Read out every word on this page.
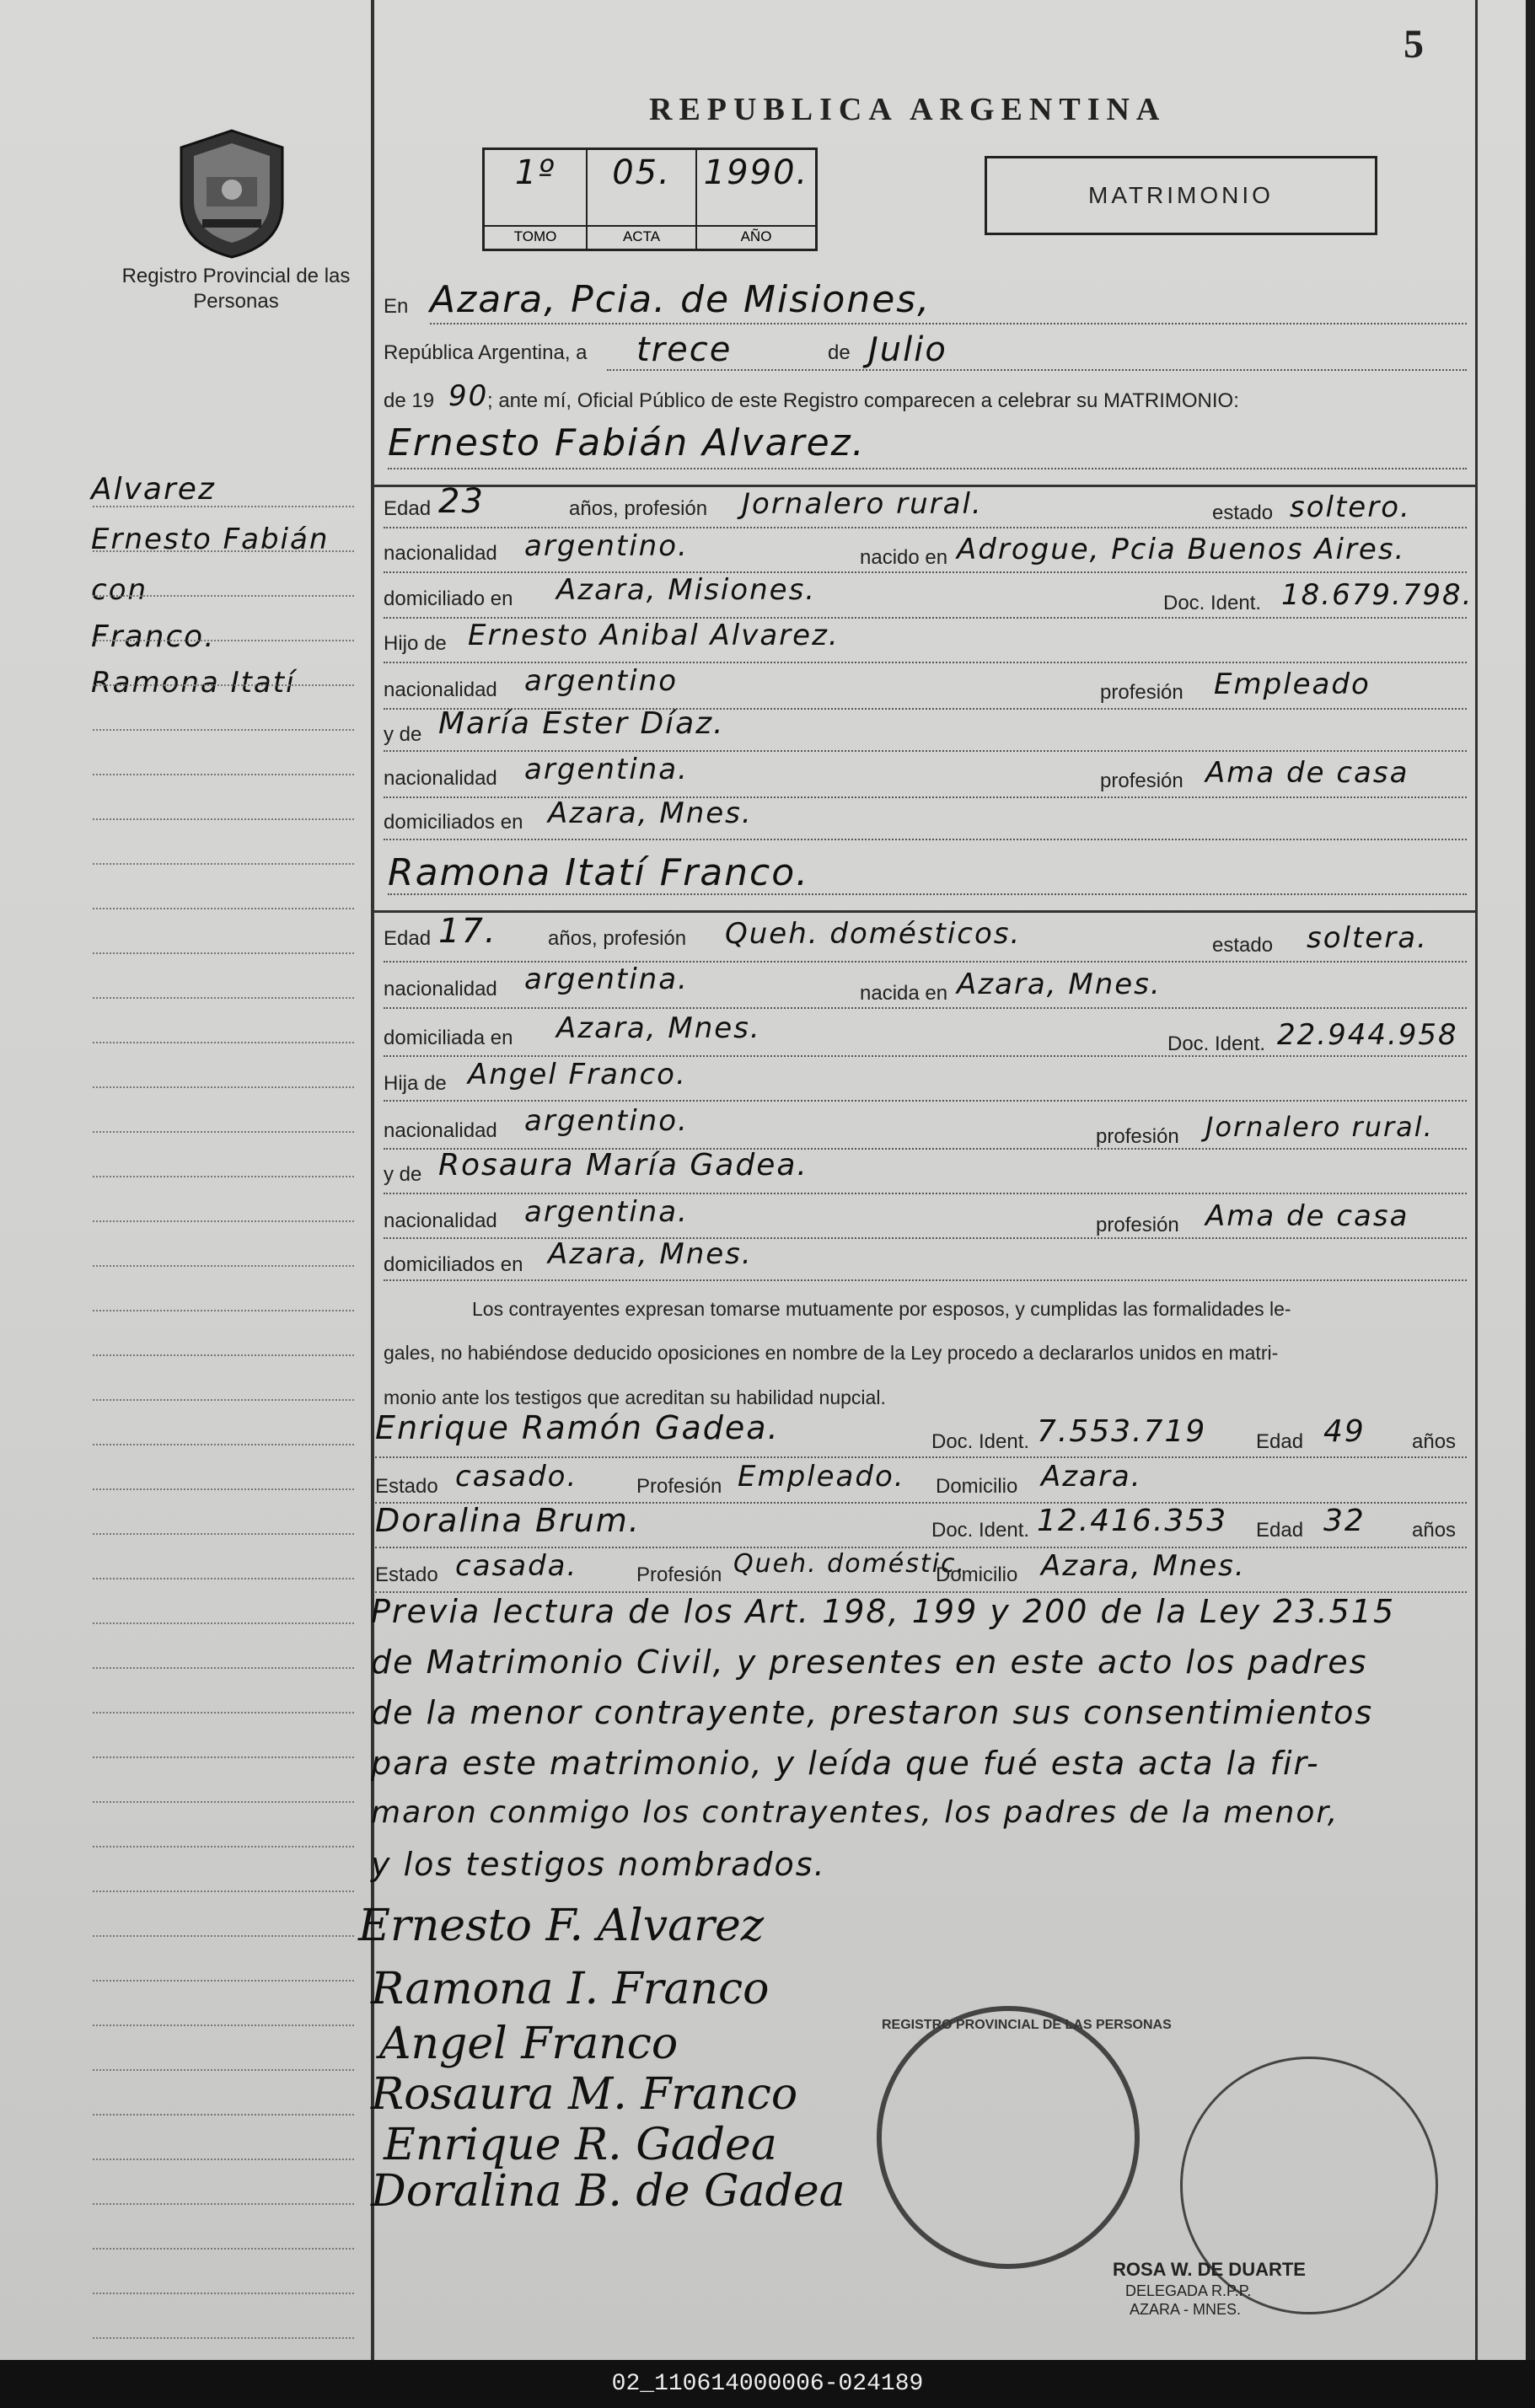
5
Registro Provincial de las Personas
REPUBLICA ARGENTINA
1º
TOMO
05.
ACTA
1990.
AÑO
MATRIMONIO
En Azara, Pcia. de Misiones,
República Argentina, a trece	de Julio
de 19 90
; ante mí, Oficial Público de este Registro comparecen a celebrar su MATRIMONIO:
Ernesto Fabián Alvarez.
Edad 23	años, profesión Jornalero rural.	estado soltero.
nacionalidad argentino.	nacido en Adrogue, Pcia Buenos Aires.
domiciliado en Azara, Misiones.	Doc. Ident. 18.679.798.
Hijo de Ernesto Anibal Alvarez.
nacionalidad argentino	profesión Empleado
y de María Ester Díaz.
nacionalidad argentina.	profesión Ama de casa
domiciliados en Azara, Mnes.
Ramona Itatí Franco.
Edad 17.	años, profesión Queh. domésticos.	estado soltera.
nacionalidad argentina.	nacida en Azara, Mnes.
domiciliada en Azara, Mnes.	Doc. Ident. 22.944.958
Hija de Angel Franco.
nacionalidad argentino.	profesión Jornalero rural.
y de Rosaura María Gadea.
nacionalidad argentina.	profesión Ama de casa
domiciliados en Azara, Mnes.
Los contrayentes expresan tomarse mutuamente por esposos, y cumplidas las formalidades le-
gales, no habiéndose deducido oposiciones en nombre de la Ley procedo a declararlos unidos en matri-
monio ante los testigos que acreditan su habilidad nupcial.
Enrique Ramón Gadea.	Doc. Ident. 7.553.719 Edad 49 años
Estado casado.	Profesión Empleado. Domicilio Azara.
Doralina Brum.	Doc. Ident. 12.416.353 Edad 32 años
Estado casada.	Profesión Queh. doméstic.
Domicilio Azara, Mnes.
Previa lectura de los Art. 198, 199 y 200 de la Ley 23.515
de Matrimonio Civil, y presentes en este acto los padres
de la menor contrayente, prestaron sus consentimientos
para este matrimonio, y leída que fué esta acta la fir-
maron conmigo los contrayentes, los padres de la menor,
y los testigos nombrados.
Alvarez
Ernesto Fabián
con
Franco.
Ramona Itatí
Ernesto F. Alvarez
Ramona I. Franco
Angel Franco
Rosaura M. Franco
Enrique R. Gadea
Doralina B. de Gadea
REGISTRO PROVINCIAL DE LAS PERSONAS
ROSA W. DE DUARTE
DELEGADA R.P.P.
AZARA - MNES.
02_110614000006-024189
